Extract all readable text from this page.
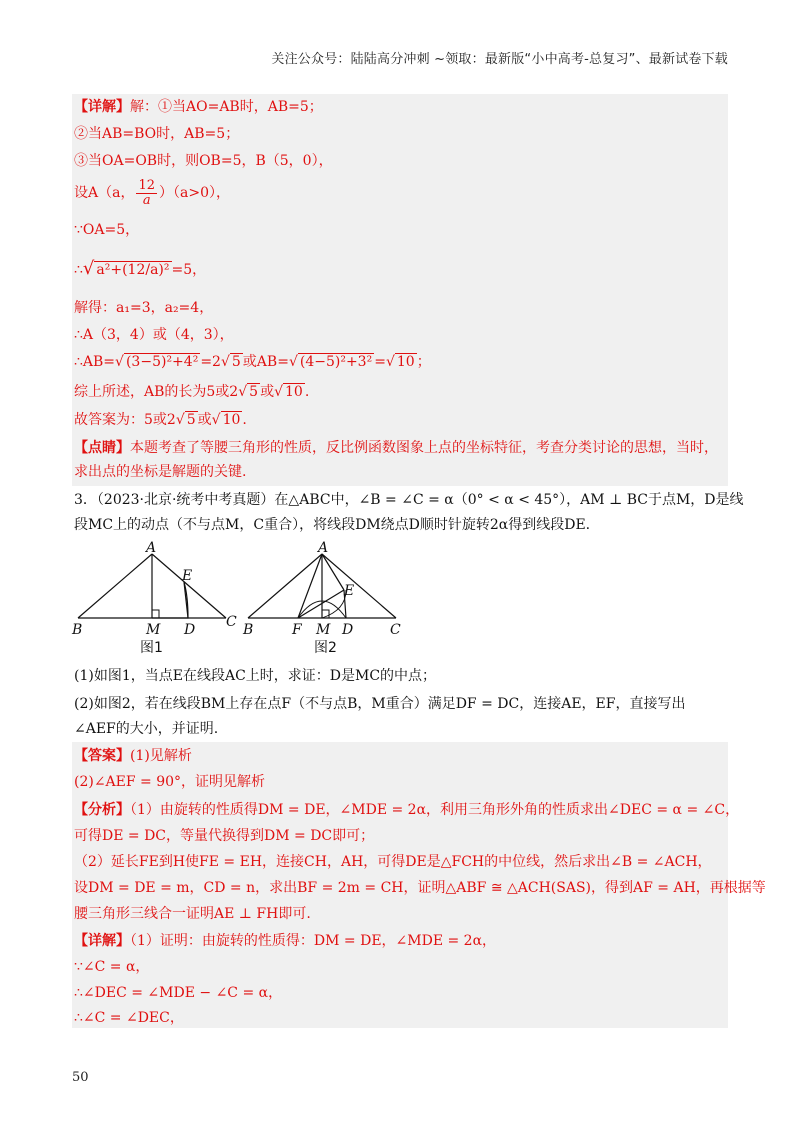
关注公众号：陆陆高分冲刺 ~领取：最新版“小中高考-总复习”、最新试卷下载
【详解】解：①当AO=AB时，AB=5；
②当AB=BO时，AB=5；
③当OA=OB时，则OB=5，B（5，0），
设A（a， $\frac{12}{a} )(a>0)$，
∵OA=5，
∴√ a²+(12/a)² =5，
解得：a₁=3，a₂=4，
∴A（3，4）或（4，3），
∴AB=√ (3−5)²+4² =2√ 5 或AB=√ (4−5)²+3² =√ 10 ；
综上所述，AB的长为5或2√ 5 或√ 10 .
故答案为：5或2√ 5 或√ 10 .
【点睛】本题考查了等腰三角形的性质，反比例函数图象上点的坐标特征，考查分类讨论的思想，当时，
求出点的坐标是解题的关键.
3．（2023·北京·统考中考真题）在△ABC中，∠B = ∠C = α（0° < α < 45°），AM ⊥ BC于点M，D是线
段MC上的动点（不与点M，C重合），将线段DM绕点D顺时针旋转2α得到线段DE.
A
E
B	M D C
图1
A
E
B	F M D	C
图2
(1)如图1，当点E在线段AC上时，求证：D是MC的中点；
(2)如图2，若在线段BM上存在点F（不与点B，M重合）满足DF = DC，连接AE，EF，直接写出
∠AEF的大小，并证明.
【答案】(1)见解析
(2)∠AEF = 90°，证明见解析
【分析】（1）由旋转的性质得DM = DE，∠MDE = 2α，利用三角形外角的性质求出∠DEC = α = ∠C，
可得DE = DC，等量代换得到DM = DC即可；
（2）延长FE到H使FE = EH，连接CH，AH，可得DE是△FCH的中位线，然后求出∠B = ∠ACH，
设DM = DE = m，CD = n，求出BF = 2m = CH，证明△ABF ≅ △ACH(SAS)，得到AF = AH，再根据等
腰三角形三线合一证明AE ⊥ FH即可.
【详解】（1）证明：由旋转的性质得：DM = DE，∠MDE = 2α，
∵∠C = α，
∴∠DEC = ∠MDE − ∠C = α，
∴∠C = ∠DEC，
50
